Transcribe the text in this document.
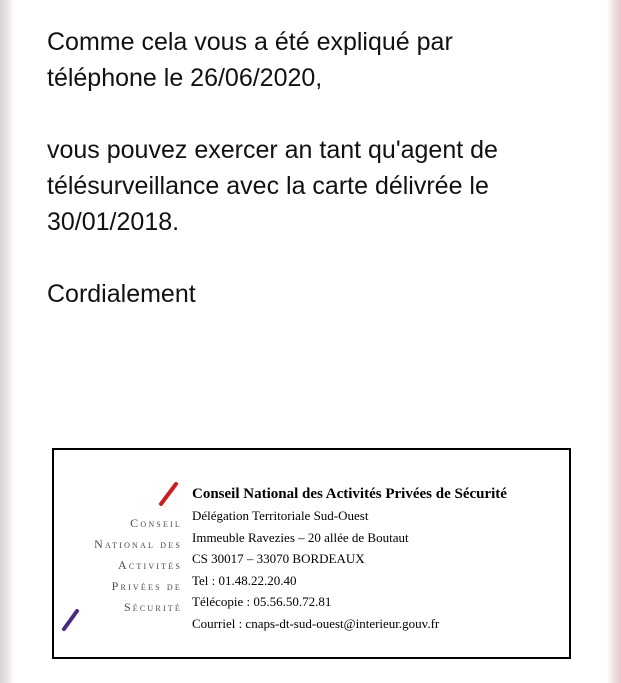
Comme cela vous a été expliqué par
téléphone le 26/06/2020,

vous pouvez exercer an tant qu'agent de
télésurveillance avec la carte délivrée le
30/01/2018.

Cordialement

Conseil
National des
Activités
Privées de
Sécurité
Conseil National des Activités Privées de Sécurité
Délégation Territoriale Sud-Ouest
Immeuble Ravezies – 20 allée de Boutaut
CS 30017 – 33070 BORDEAUX
Tel : 01.48.22.20.40
Télécopie : 05.56.50.72.81
Courriel : cnaps-dt-sud-ouest@interieur.gouv.fr
